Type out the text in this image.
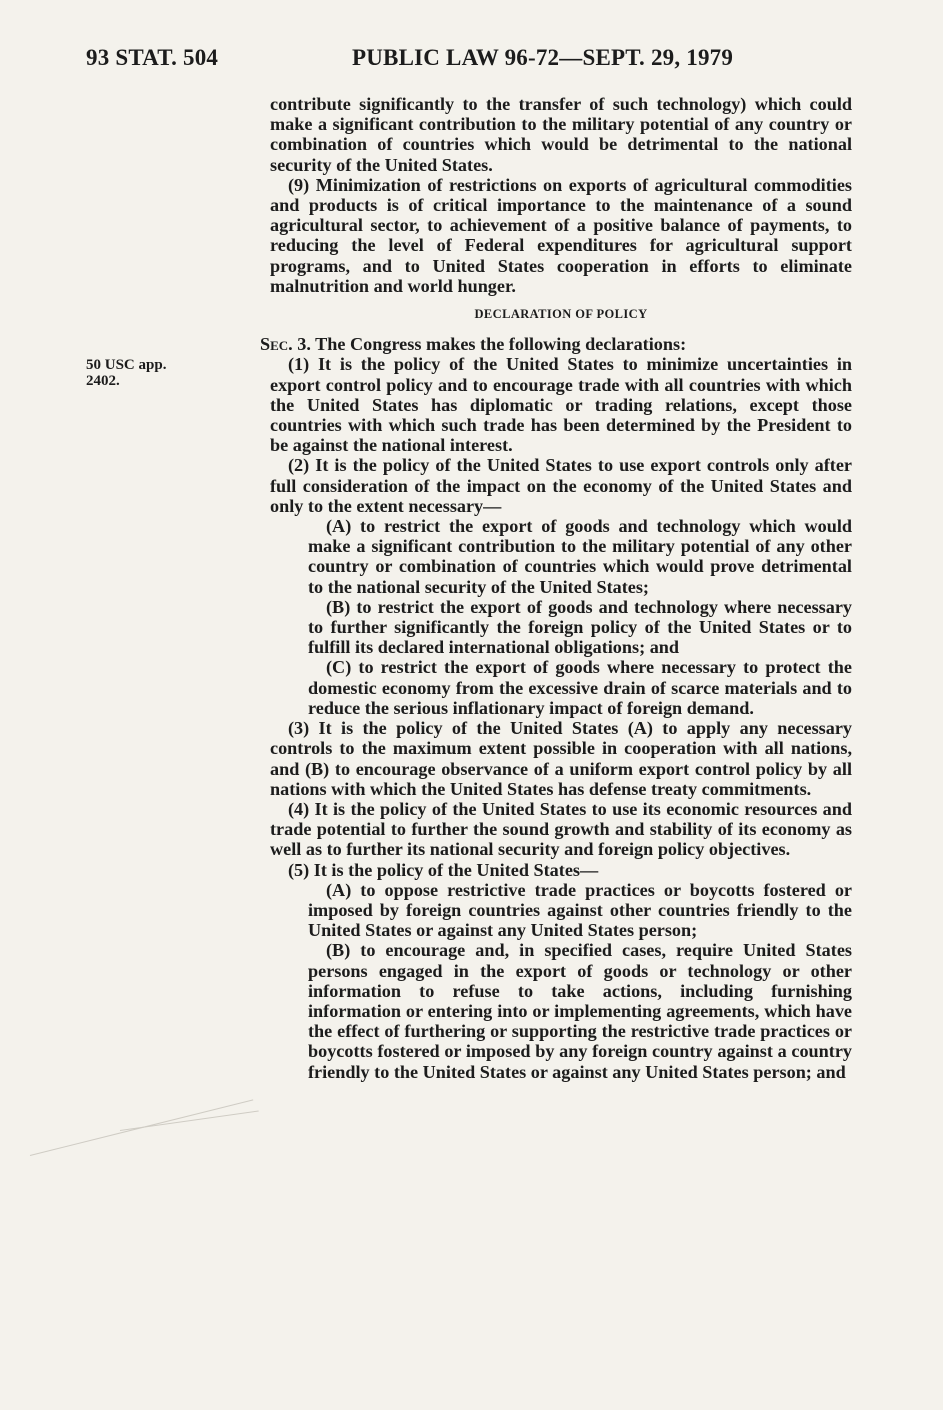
93 STAT. 504	PUBLIC LAW 96-72—SEPT. 29, 1979
50 USC app.
2402.

contribute significantly to the transfer of such technology) which could make a significant contribution to the military potential of any country or combination of countries which would be detrimental to the national security of the United States.

(9) Minimization of restrictions on exports of agricultural commodities and products is of critical importance to the maintenance of a sound agricultural sector, to achievement of a positive balance of payments, to reducing the level of Federal expenditures for agricultural support programs, and to United States cooperation in efforts to eliminate malnutrition and world hunger.

DECLARATION OF POLICY

Sec. 3. The Congress makes the following declarations:

(1) It is the policy of the United States to minimize uncertainties in export control policy and to encourage trade with all countries with which the United States has diplomatic or trading relations, except those countries with which such trade has been determined by the President to be against the national interest.

(2) It is the policy of the United States to use export controls only after full consideration of the impact on the economy of the United States and only to the extent necessary—

(A) to restrict the export of goods and technology which would make a significant contribution to the military potential of any other country or combination of countries which would prove detrimental to the national security of the United States;

(B) to restrict the export of goods and technology where necessary to further significantly the foreign policy of the United States or to fulfill its declared international obligations; and

(C) to restrict the export of goods where necessary to protect the domestic economy from the excessive drain of scarce materials and to reduce the serious inflationary impact of foreign demand.

(3) It is the policy of the United States (A) to apply any necessary controls to the maximum extent possible in cooperation with all nations, and (B) to encourage observance of a uniform export control policy by all nations with which the United States has defense treaty commitments.

(4) It is the policy of the United States to use its economic resources and trade potential to further the sound growth and stability of its economy as well as to further its national security and foreign policy objectives.

(5) It is the policy of the United States—

(A) to oppose restrictive trade practices or boycotts fostered or imposed by foreign countries against other countries friendly to the United States or against any United States person;

(B) to encourage and, in specified cases, require United States persons engaged in the export of goods or technology or other information to refuse to take actions, including furnishing information or entering into or implementing agreements, which have the effect of furthering or supporting the restrictive trade practices or boycotts fostered or imposed by any foreign country against a country friendly to the United States or against any United States person; and
